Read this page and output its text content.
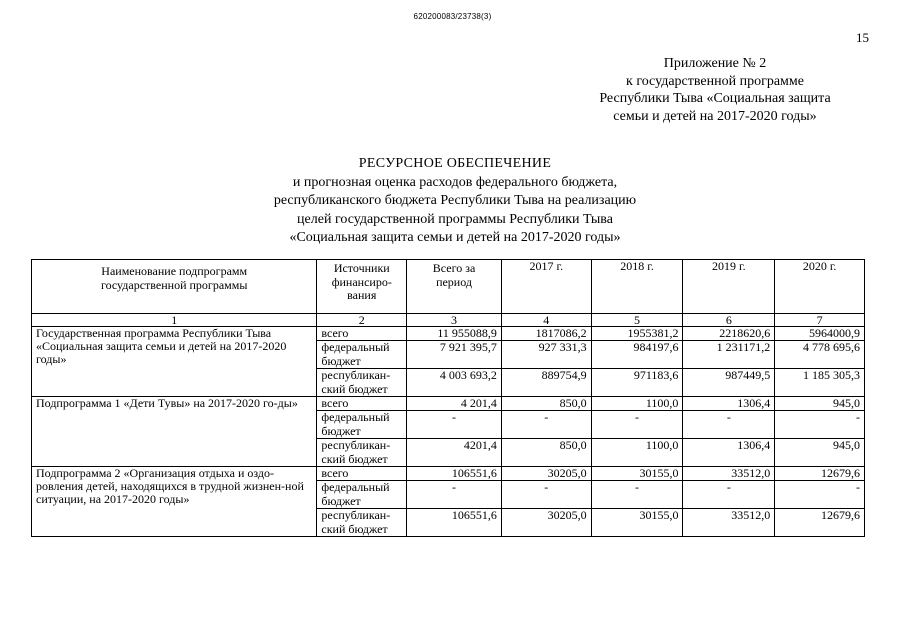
620200083/23738(3)
15
Приложение № 2
к государственной программе
Республики Тыва «Социальная защита
семьи и детей на 2017-2020 годы»
РЕСУРСНОЕ ОБЕСПЕЧЕНИЕ
и прогнозная оценка расходов федерального бюджета,
республиканского бюджета Республики Тыва на реализацию
целей государственной программы Республики Тыва
«Социальная защита семьи и детей на 2017-2020 годы»
Наименование подпрограмм государственной программы	Источники финансиро-вания	Всего за период	2017 г.	2018 г.	2019 г.	2020 г.
1	2	3	4	5	6	7
Государственная программа Республики Тыва «Социальная защита семьи и детей на 2017-2020 годы»	всего	11 955088,9	1817086,2	1955381,2	2218620,6	5964000,9
	федеральный бюджет	7 921 395,7	927 331,3	984197,6	1 231171,2	4 778 695,6
	республикан-ский бюджет	4 003 693,2	889754,9	971183,6	987449,5	1 185 305,3
Подпрограмма 1 «Дети Тувы» на 2017-2020 го-ды»	всего	4 201,4	850,0	1100,0	1306,4	945,0
	федеральный бюджет	-	-	-	-	-
	республикан-ский бюджет	4201,4	850,0	1100,0	1306,4	945,0
Подпрограмма 2 «Организация отдыха и оздо-ровления детей, находящихся в трудной жизнен-ной ситуации, на 2017-2020 годы»	всего	106551,6	30205,0	30155,0	33512,0	12679,6
	федеральный бюджет	-	-	-	-	-
	республикан-ский бюджет	106551,6	30205,0	30155,0	33512,0	12679,6
